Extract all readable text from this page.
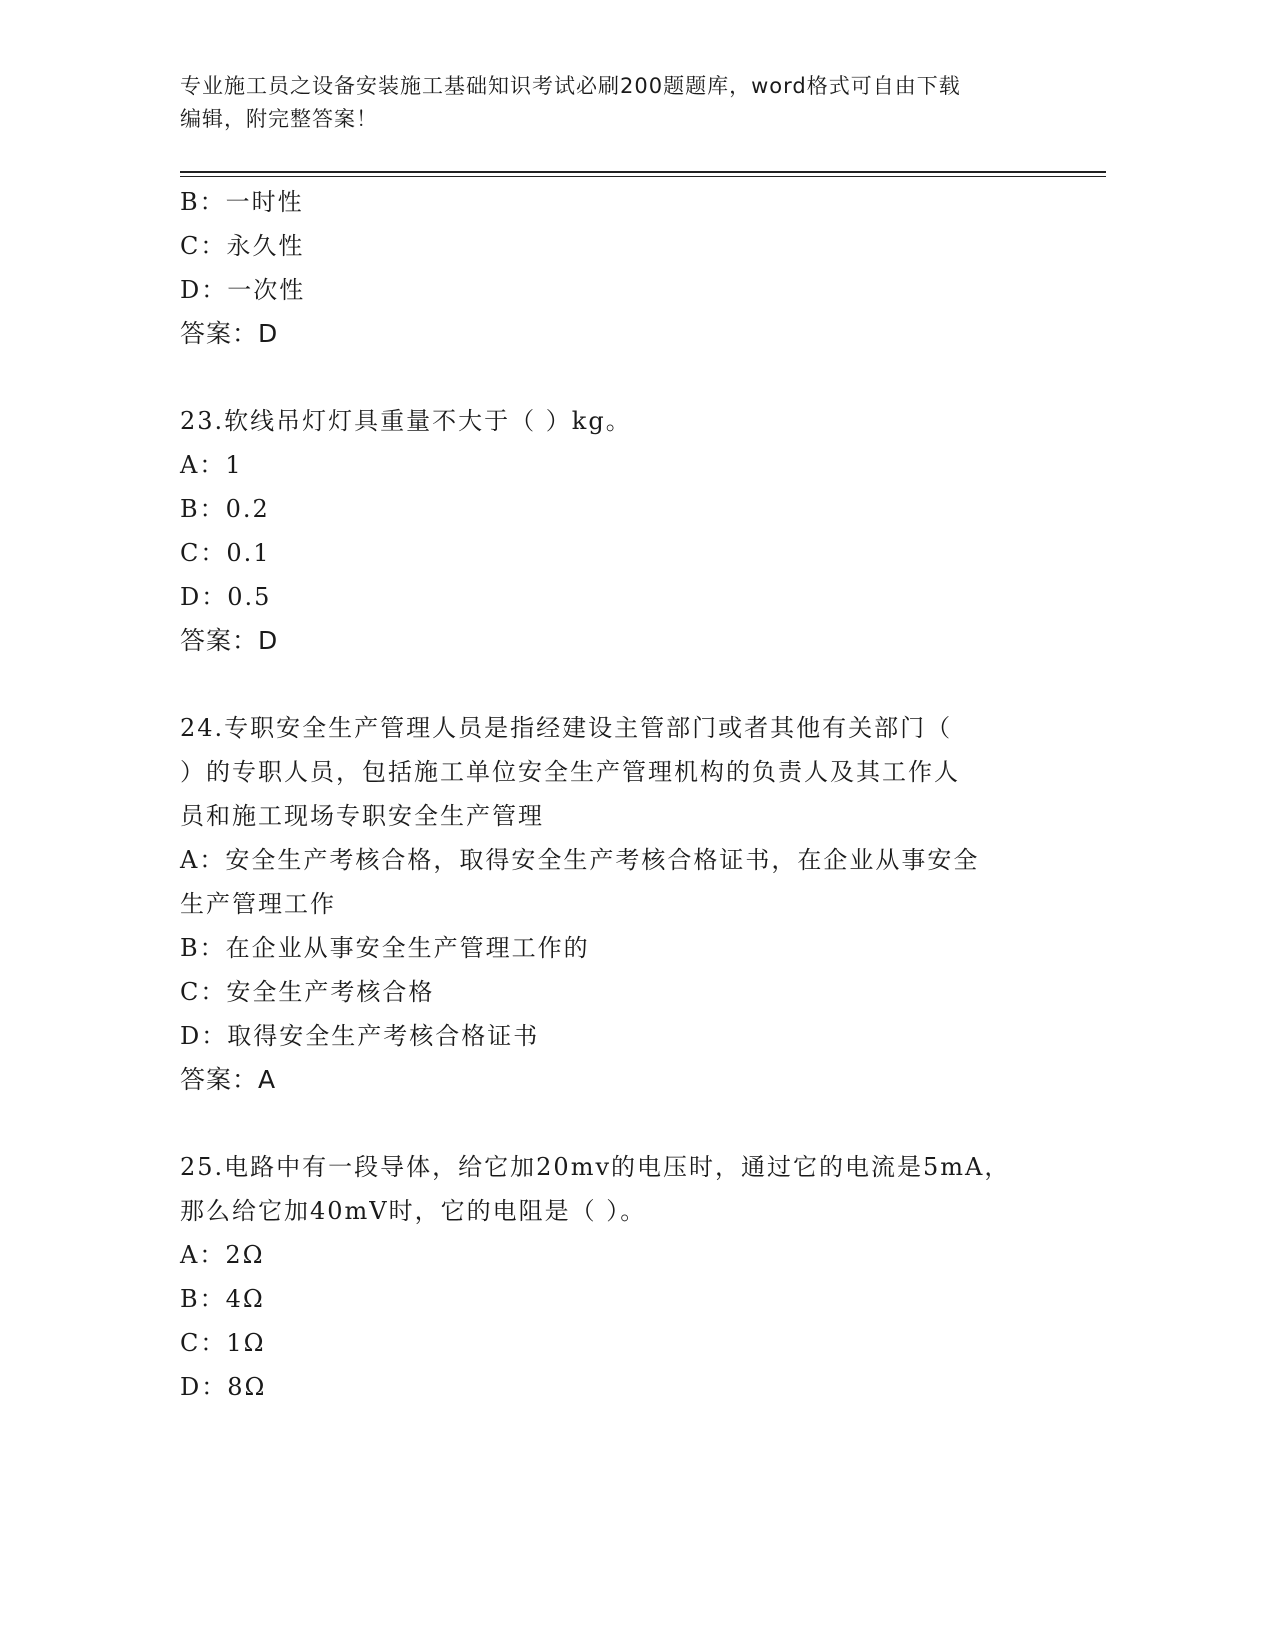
专业施工员之设备安装施工基础知识考试必刷200题题库，word格式可自由下载
编辑，附完整答案！
B：一时性
C：永久性
D：一次性
答案：D
23.软线吊灯灯具重量不大于（ ）kg。
A：1
B：0.2
C：0.1
D：0.5
答案：D
24.专职安全生产管理人员是指经建设主管部门或者其他有关部门（
）的专职人员，包括施工单位安全生产管理机构的负责人及其工作人
员和施工现场专职安全生产管理
A：安全生产考核合格，取得安全生产考核合格证书，在企业从事安全
生产管理工作
B：在企业从事安全生产管理工作的
C：安全生产考核合格
D：取得安全生产考核合格证书
答案：A
25.电路中有一段导体，给它加20mv的电压时，通过它的电流是5mA，
那么给它加40mV时，它的电阻是（ ）。
A：2Ω
B：4Ω
C：1Ω
D：8Ω
